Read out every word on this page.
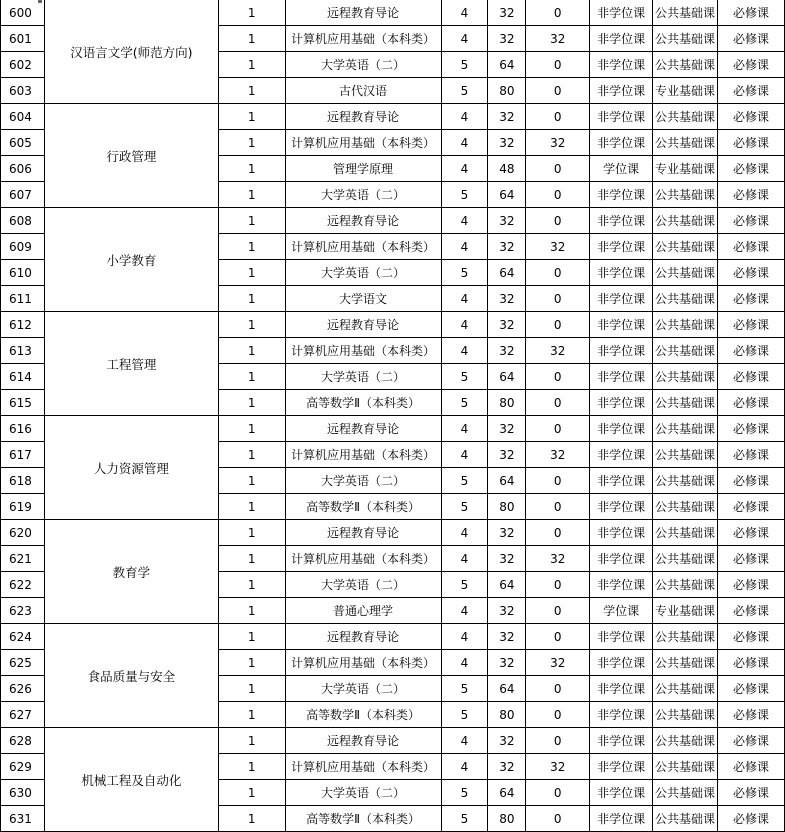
600	汉语言文学(师范方向)	1	远程教育导论	4	32	0	非学位课	公共基础课	必修课
601		1	计算机应用基础（本科类）	4	32	32	非学位课	公共基础课	必修课
602		1	大学英语（二）	5	64	0	非学位课	公共基础课	必修课
603		1	古代汉语	5	80	0	非学位课	专业基础课	必修课
604	行政管理	1	远程教育导论	4	32	0	非学位课	公共基础课	必修课
605		1	计算机应用基础（本科类）	4	32	32	非学位课	公共基础课	必修课
606		1	管理学原理	4	48	0	学位课	专业基础课	必修课
607		1	大学英语（二）	5	64	0	非学位课	公共基础课	必修课
608	小学教育	1	远程教育导论	4	32	0	非学位课	公共基础课	必修课
609		1	计算机应用基础（本科类）	4	32	32	非学位课	公共基础课	必修课
610		1	大学英语（二）	5	64	0	非学位课	公共基础课	必修课
611		1	大学语文	4	32	0	非学位课	公共基础课	必修课
612	工程管理	1	远程教育导论	4	32	0	非学位课	公共基础课	必修课
613		1	计算机应用基础（本科类）	4	32	32	非学位课	公共基础课	必修课
614		1	大学英语（二）	5	64	0	非学位课	公共基础课	必修课
615		1	高等数学Ⅱ（本科类）	5	80	0	非学位课	公共基础课	必修课
616	人力资源管理	1	远程教育导论	4	32	0	非学位课	公共基础课	必修课
617		1	计算机应用基础（本科类）	4	32	32	非学位课	公共基础课	必修课
618		1	大学英语（二）	5	64	0	非学位课	公共基础课	必修课
619		1	高等数学Ⅱ（本科类）	5	80	0	非学位课	公共基础课	必修课
620	教育学	1	远程教育导论	4	32	0	非学位课	公共基础课	必修课
621		1	计算机应用基础（本科类）	4	32	32	非学位课	公共基础课	必修课
622		1	大学英语（二）	5	64	0	非学位课	公共基础课	必修课
623		1	普通心理学	4	32	0	学位课	专业基础课	必修课
624	食品质量与安全	1	远程教育导论	4	32	0	非学位课	公共基础课	必修课
625		1	计算机应用基础（本科类）	4	32	32	非学位课	公共基础课	必修课
626		1	大学英语（二）	5	64	0	非学位课	公共基础课	必修课
627		1	高等数学Ⅱ（本科类）	5	80	0	非学位课	公共基础课	必修课
628	机械工程及自动化	1	远程教育导论	4	32	0	非学位课	公共基础课	必修课
629		1	计算机应用基础（本科类）	4	32	32	非学位课	公共基础课	必修课
630		1	大学英语（二）	5	64	0	非学位课	公共基础课	必修课
631		1	高等数学Ⅱ（本科类）	5	80	0	非学位课	公共基础课	必修课
